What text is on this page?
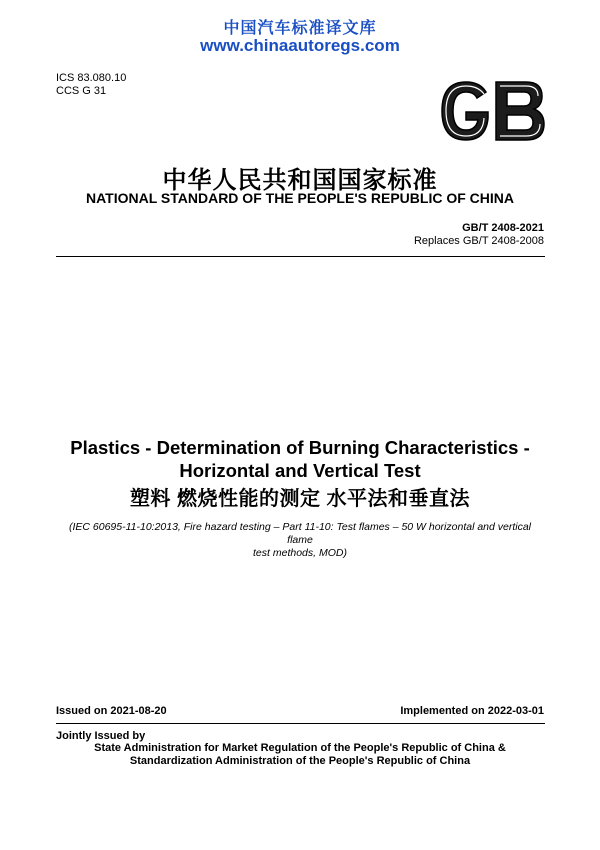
中国汽车标准译文库
www.chinaautoregs.com
ICS 83.080.10
CCS G 31
中华人民共和国国家标准
NATIONAL STANDARD OF THE PEOPLE'S REPUBLIC OF CHINA
GB/T 2408-2021
Replaces GB/T 2408-2008
Plastics - Determination of Burning Characteristics -
Horizontal and Vertical Test
塑料 燃烧性能的测定 水平法和垂直法
(IEC 60695-11-10:2013, Fire hazard testing – Part 11-10: Test flames – 50 W horizontal and vertical flame
test methods, MOD)
Issued on 2021-08-20	Implemented on 2022-03-01
Jointly Issued by
State Administration for Market Regulation of the People's Republic of China &
Standardization Administration of the People's Republic of China
